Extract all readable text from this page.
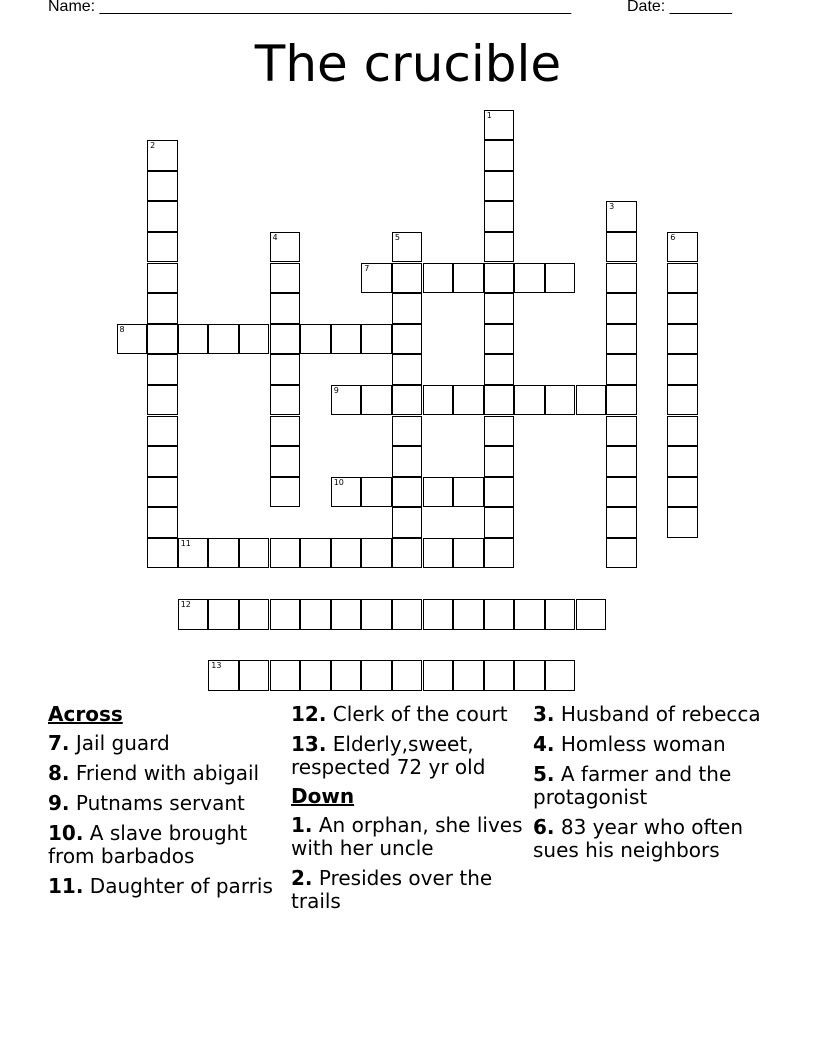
Name: _____________________________________________________

	Date: _______

The crucible
1
2
3
4	5	6
7
8
9
10
11
12
13
Across
7. Jail guard
8. Friend with abigail
9. Putnams servant
10. A slave brought from barbados
11. Daughter of parris
12. Clerk of the court
13. Elderly,sweet, respected 72 yr old
Down
1. An orphan, she lives with her uncle
2. Presides over the trails
3. Husband of rebecca
4. Homless woman
5. A farmer and the protagonist
6. 83 year who often sues his neighbors
